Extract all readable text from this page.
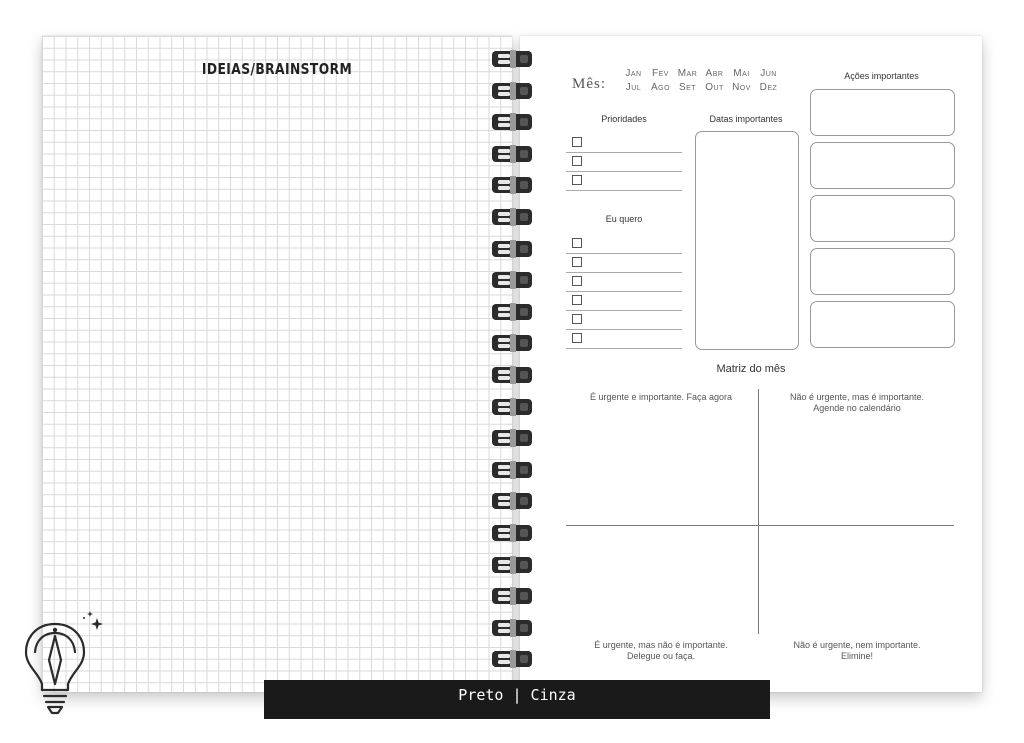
IDEIAS/BRAINSTORM
Mês:
Jan	Fev Mar Abr Mai	Jun
Jul Ago Set Out Nov Dez
Ações importantes
Prioridades	Datas importantes
Eu quero
Matriz do mês
É urgente e importante. Faça agora	Não é urgente, mas é importante.
Agende no calendário
É urgente, mas não é importante.
Delegue ou faça.
Não é urgente, nem importante.
Elimine!
Preto | Cinza
